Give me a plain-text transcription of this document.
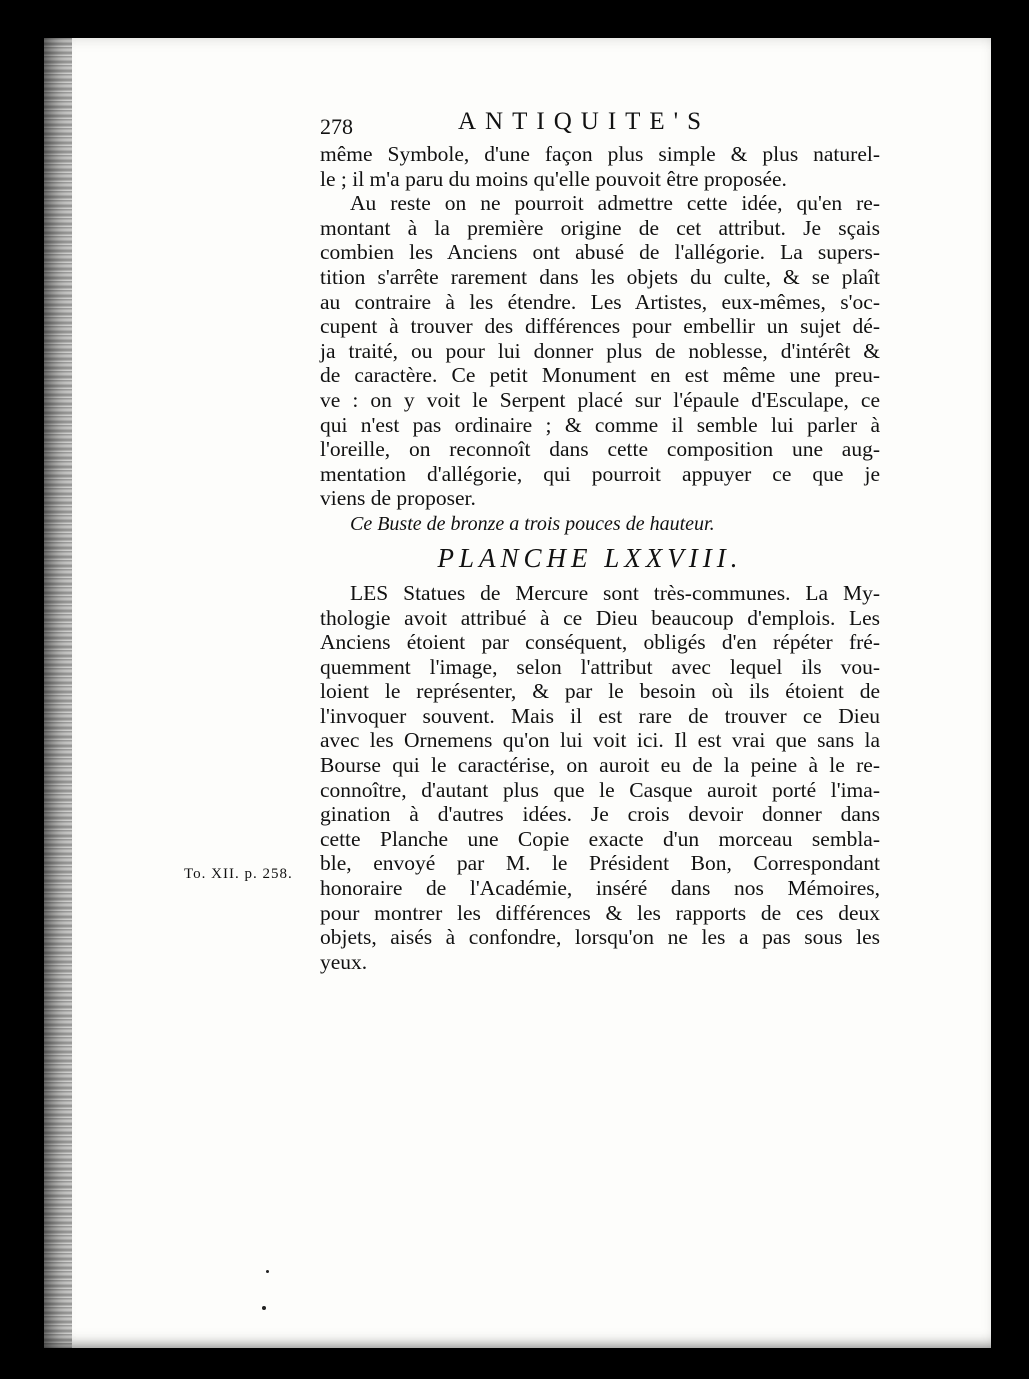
To. XII. p. 258.
278	ANTIQUITE'S
même Symbole, d'une façon plus simple & plus naturel-
le ; il m'a paru du moins qu'elle pouvoit être proposée.
Au reste on ne pourroit admettre cette idée, qu'en re-
montant à la première origine de cet attribut. Je sçais
combien les Anciens ont abusé de l'allégorie. La supers-
tition s'arrête rarement dans les objets du culte, & se plaît
au contraire à les étendre. Les Artistes, eux-mêmes, s'oc-
cupent à trouver des différences pour embellir un sujet dé-
ja traité, ou pour lui donner plus de noblesse, d'intérêt &
de caractère. Ce petit Monument en est même une preu-
ve : on y voit le Serpent placé sur l'épaule d'Esculape, ce
qui n'est pas ordinaire ; & comme il semble lui parler à
l'oreille, on reconnoît dans cette composition une aug-
mentation d'allégorie, qui pourroit appuyer ce que je
viens de proposer.
Ce Buste de bronze a trois pouces de hauteur.
PLANCHE LXXVIII.
LES Statues de Mercure sont très-communes. La My-
thologie avoit attribué à ce Dieu beaucoup d'emplois. Les
Anciens étoient par conséquent, obligés d'en répéter fré-
quemment l'image, selon l'attribut avec lequel ils vou-
loient le représenter, & par le besoin où ils étoient de
l'invoquer souvent. Mais il est rare de trouver ce Dieu
avec les Ornemens qu'on lui voit ici. Il est vrai que sans la
Bourse qui le caractérise, on auroit eu de la peine à le re-
connoître, d'autant plus que le Casque auroit porté l'ima-
gination à d'autres idées. Je crois devoir donner dans
cette Planche une Copie exacte d'un morceau sembla-
ble, envoyé par M. le Président Bon, Correspondant
honoraire de l'Académie, inséré dans nos Mémoires,
pour montrer les différences & les rapports de ces deux
objets, aisés à confondre, lorsqu'on ne les a pas sous les
yeux.
